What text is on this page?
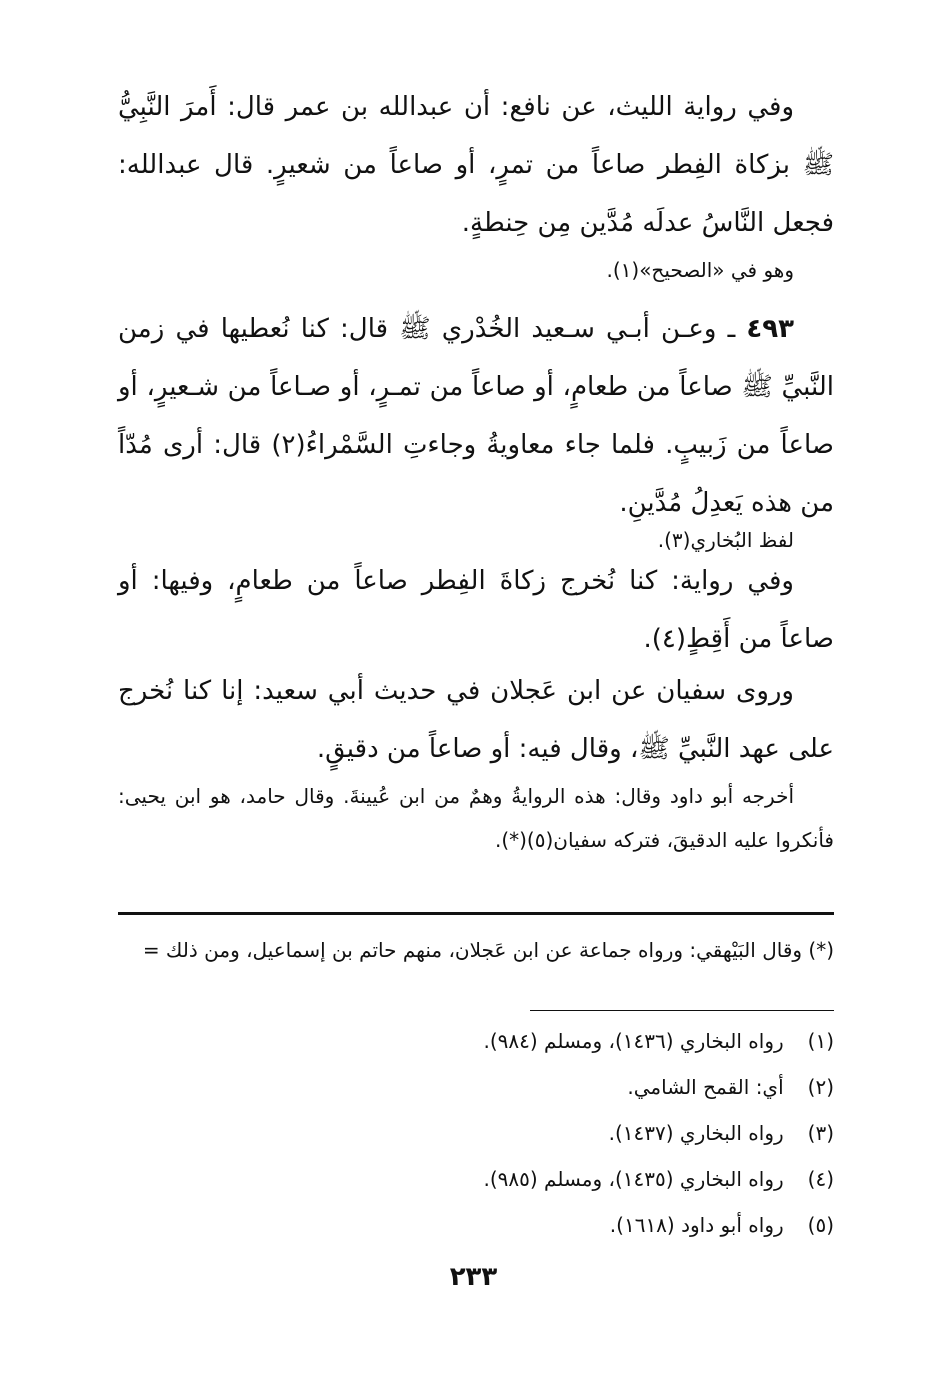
وفي رواية الليث، عن نافع: أن عبدالله بن عمر قال: أَمرَ النَّبِيُّ ﷺ بزكاة الفِطر صاعاً من تمرٍ، أو صاعاً من شعيرٍ. قال عبدالله: فجعل النَّاسُ عدلَه مُدَّين مِن حِنطةٍ.
وهو في «الصحيح»(١).
٤٩٣ ـ وعـن أبـي سـعيد الخُدْري ﷺ قال: كنا نُعطيها في زمن النَّبيِّ ﷺ صاعاً من طعامٍ، أو صاعاً من تمـرٍ، أو صـاعاً من شـعيرٍ، أو صاعاً من زَبيبٍ. فلما جاء معاويةُ وجاءتِ السَّمْراءُ(٢) قال: أرى مُدّاً من هذه يَعدِلُ مُدَّينِ.
لفظ البُخاري(٣).
وفي رواية: كنا نُخرج زكاةَ الفِطر صاعاً من طعامٍ، وفيها: أو صاعاً من أَقِطٍ(٤).
وروى سفيان عن ابن عَجلان في حديث أبي سعيد: إنا كنا نُخرج على عهد النَّبيِّ ﷺ، وقال فيه: أو صاعاً من دقيقٍ.
أخرجه أبو داود وقال: هذه الروايةُ وهمٌ من ابن عُيينةَ. وقال حامد، هو ابن يحيى: فأنكروا عليه الدقيقَ، فتركه سفيان(٥)(*).
(*) وقال البَيْهقي: ورواه جماعة عن ابن عَجلان، منهم حاتم بن إسماعيل، ومن ذلك =
(١) رواه البخاري (١٤٣٦)، ومسلم (٩٨٤).
(٢) أي: القمح الشامي.
(٣) رواه البخاري (١٤٣٧).
(٤) رواه البخاري (١٤٣٥)، ومسلم (٩٨٥).
(٥) رواه أبو داود (١٦١٨).
٢٣٣
